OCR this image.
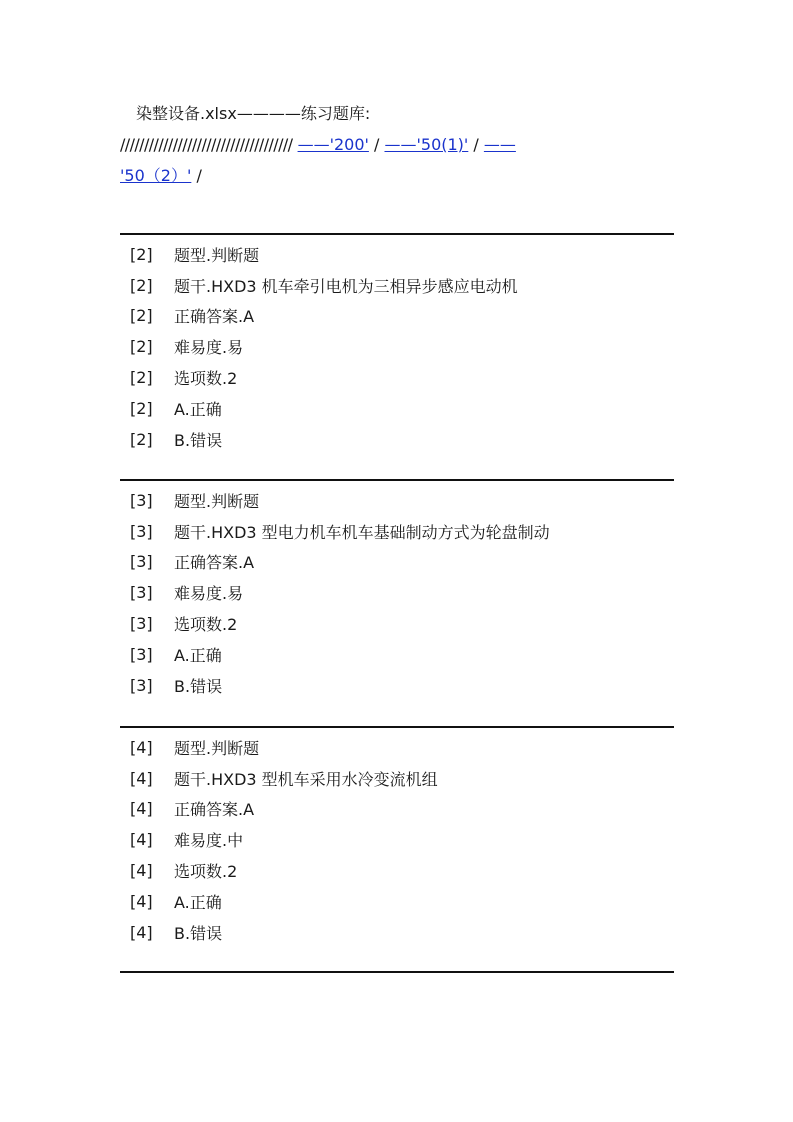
染整设备.xlsx————练习题库:
//////////////////////////////////// ——'200' / ——'50(1)' / ——
'50（2）' /
[2]	题型.判断题
[2]	题干.HXD3 机车牵引电机为三相异步感应电动机
[2]	正确答案.A
[2]	难易度.易
[2]	选项数.2
[2]	A.正确
[2]	B.错误
[3]	题型.判断题
[3]	题干.HXD3 型电力机车机车基础制动方式为轮盘制动
[3]	正确答案.A
[3]	难易度.易
[3]	选项数.2
[3]	A.正确
[3]	B.错误
[4]	题型.判断题
[4]	题干.HXD3 型机车采用水冷变流机组
[4]	正确答案.A
[4]	难易度.中
[4]	选项数.2
[4]	A.正确
[4]	B.错误
